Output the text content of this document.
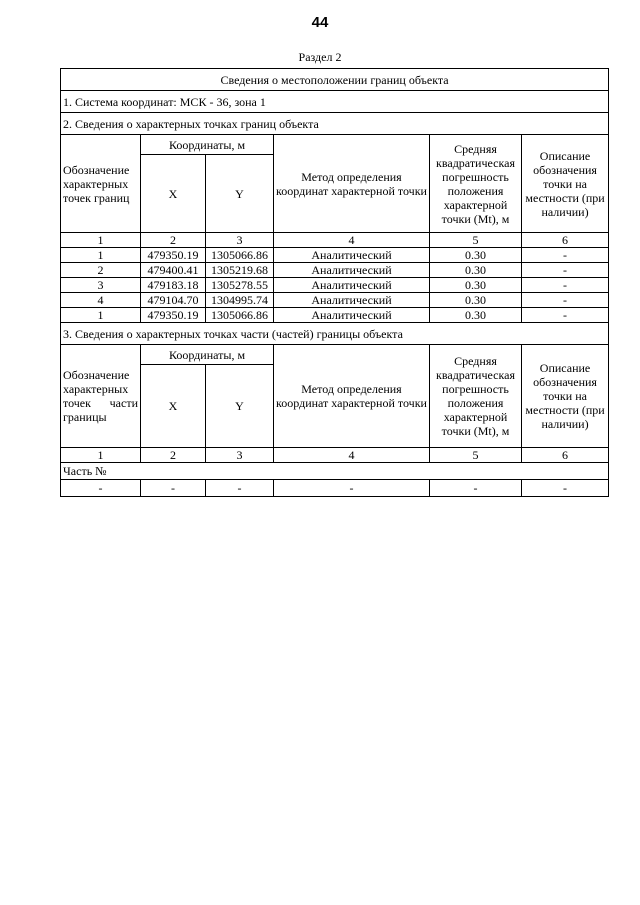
44
Раздел 2
Сведения о местоположении границ объекта					
1. Система координат: МСК - 36, зона 1					
2. Сведения о характерных точках границ объекта					
Обозначение характерных точек границ	Координаты, м		Метод определения координат характерной точки	Средняя квадратическая погрешность положения характерной точки (Mt), м	Описание обозначения точки на местности (при наличии)
	X	Y			
1	2	3	4	5	6
1	479350.19	1305066.86	Аналитический	0.30	-
2	479400.41	1305219.68	Аналитический	0.30	-
3	479183.18	1305278.55	Аналитический	0.30	-
4	479104.70	1304995.74	Аналитический	0.30	-
1	479350.19	1305066.86	Аналитический	0.30	-
3. Сведения о характерных точках части (частей) границы объекта					
Обозначение характерных точек части границы	Координаты, м		Метод определения координат характерной точки	Средняя квадратическая погрешность положения характерной точки (Mt), м	Описание обозначения точки на местности (при наличии)
	X	Y			
1	2	3	4	5	6
Часть №					
-	-	-	-	-	-
